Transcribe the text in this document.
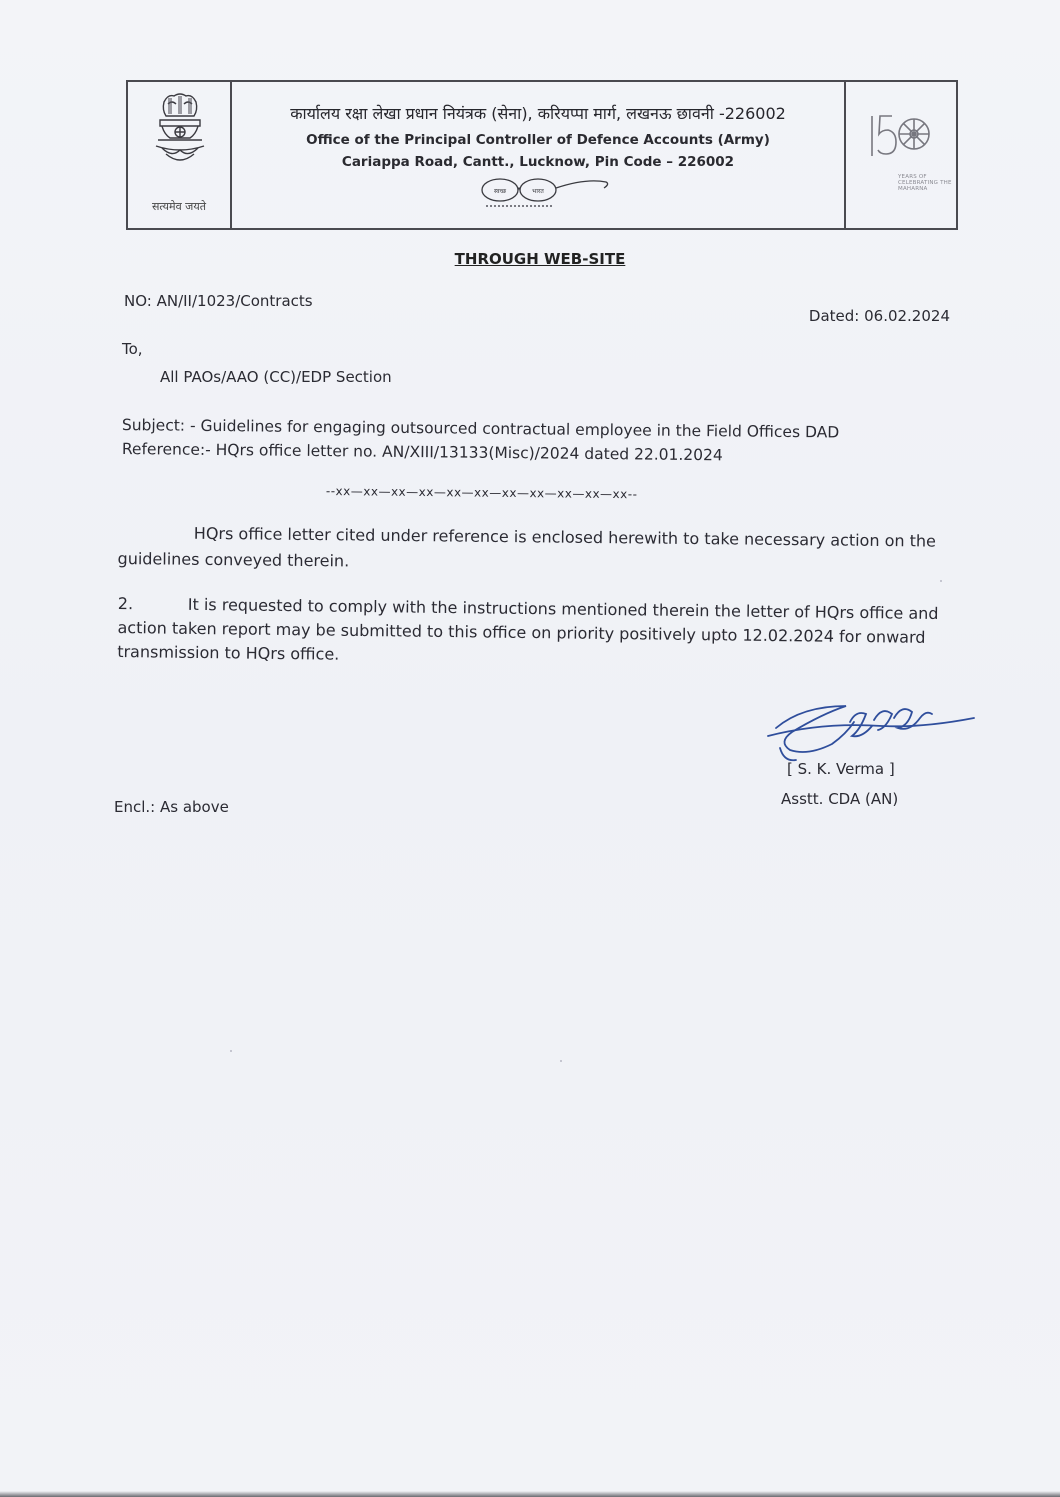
सत्यमेव जयते
कार्यालय रक्षा लेखा प्रधान नियंत्रक (सेना), करियप्पा मार्ग, लखनऊ छावनी -226002
Office of the Principal Controller of Defence Accounts (Army)
Cariappa Road, Cantt., Lucknow, Pin Code – 226002
स्वच्छ	भारत
YEARS OF CELEBRATING THE MAHARNA
THROUGH WEB-SITE
NO: AN/II/1023/Contracts
Dated: 06.02.2024
To,
All PAOs/AAO (CC)/EDP Section
Subject: - Guidelines for engaging outsourced contractual employee in the Field Offices DAD
Reference:- HQrs office letter no. AN/XIII/13133(Misc)/2024 dated 22.01.2024
--xx—xx—xx—xx—xx—xx—xx—xx—xx—xx—xx--
HQrs office letter cited under reference is enclosed herewith to take necessary action on the guidelines conveyed therein.
2.	It is requested to comply with the instructions mentioned therein the letter of HQrs office and action taken report may be submitted to this office on priority positively upto 12.02.2024 for onward transmission to HQrs office.
[ S. K. Verma ]
Asstt. CDA (AN)
Encl.: As above
